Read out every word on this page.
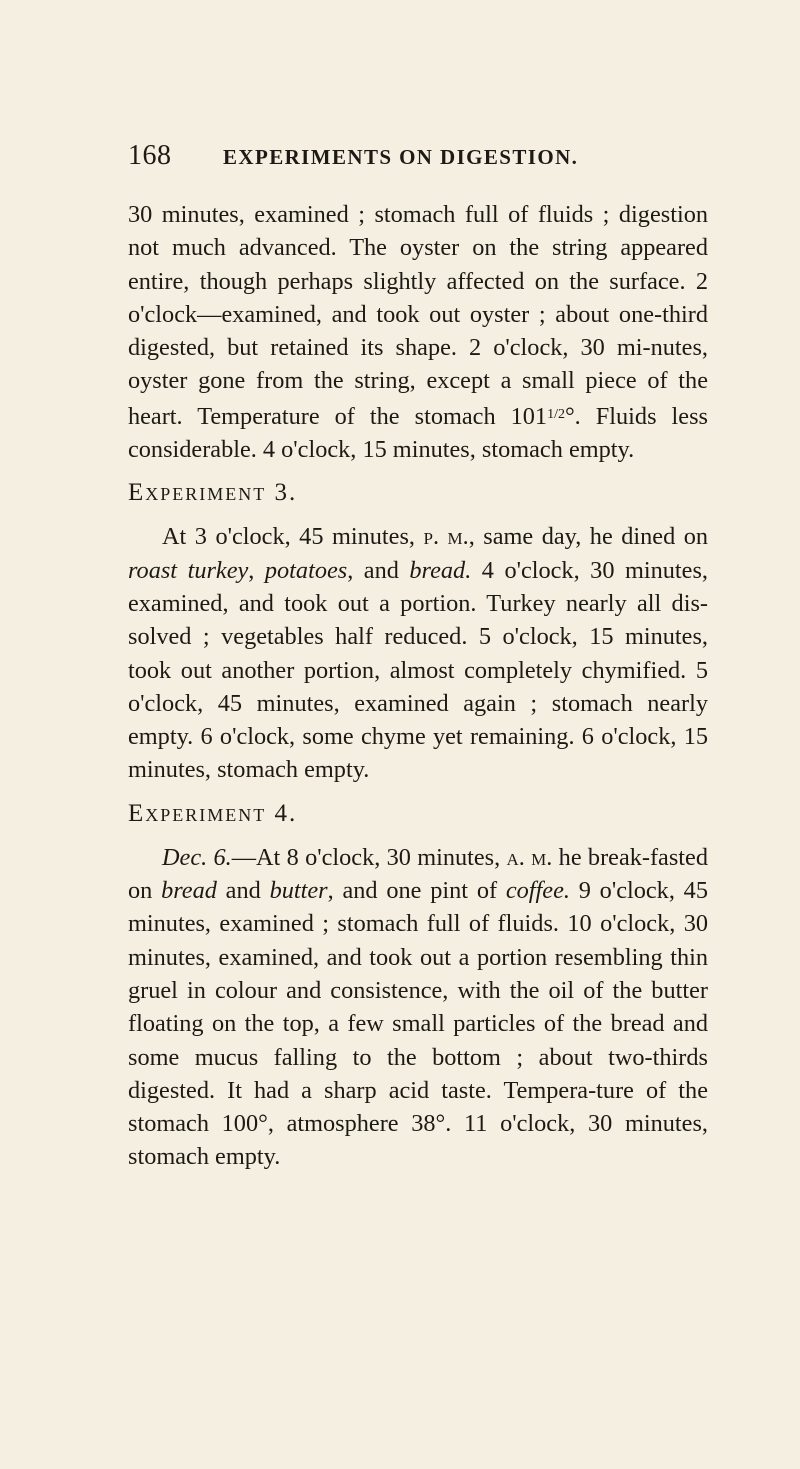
168 EXPERIMENTS ON DIGESTION.

30 minutes, examined ; stomach full of fluids ; digestion not much advanced. The oyster on the string appeared entire, though perhaps slightly affected on the surface. 2 o'clock—examined, and took out oyster ; about one-third digested, but retained its shape. 2 o'clock, 30 mi-nutes, oyster gone from the string, except a small piece of the heart. Temperature of the stomach $101^{1/2}^\circ$. Fluids less considerable. 4 o'clock, 15 minutes, stomach empty.

Experiment 3.

At 3 o'clock, 45 minutes, p. m., same day, he dined on roast turkey, potatoes, and bread. 4 o'clock, 30 minutes, examined, and took out a portion. Turkey nearly all dis-solved ; vegetables half reduced. 5 o'clock, 15 minutes, took out another portion, almost completely chymified. 5 o'clock, 45 minutes, examined again ; stomach nearly empty. 6 o'clock, some chyme yet remaining. 6 o'clock, 15 minutes, stomach empty.

Experiment 4.

Dec. 6.—At 8 o'clock, 30 minutes, a. m. he break-fasted on bread and butter, and one pint of coffee. 9 o'clock, 45 minutes, examined ; stomach full of fluids. 10 o'clock, 30 minutes, examined, and took out a portion resembling thin gruel in colour and consistence, with the oil of the butter floating on the top, a few small particles of the bread and some mucus falling to the bottom ; about two-thirds digested. It had a sharp acid taste. Tempera-ture of the stomach 100°, atmosphere 38°. 11 o'clock, 30 minutes, stomach empty.
